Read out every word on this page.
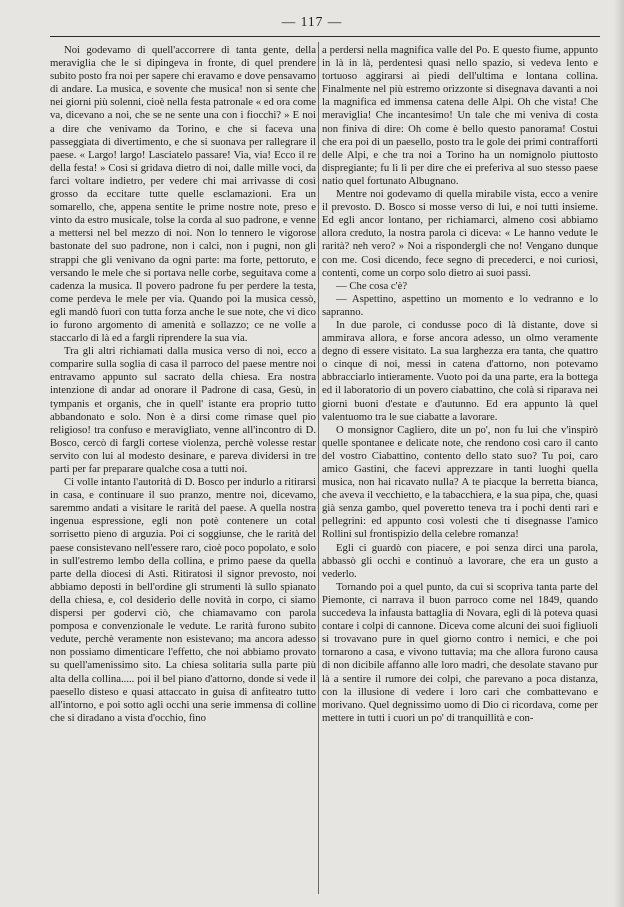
— 117 —

Noi godevamo di quell'accorrere di tanta gente, della meraviglia che le si dipingeva in fronte, di quel prendere subito posto fra noi per sapere chi eravamo e dove pensavamo di andare. La musica, e sovente che musica! non si sente che nei giorni più solenni, cioè nella festa patronale « ed ora come va, dicevano a noi, che se ne sente una con i fiocchi? » E noi a dire che venivamo da Torino, e che si faceva una passeggiata di divertimento, e che si suonava per rallegrare il paese. « Largo! largo! Lasciatelo passare! Via, via! Ecco il re della festa! » Così si gridava dietro di noi, dalle mille voci, da farci voltare indietro, per vedere chi mai arrivasse di così grosso da eccitare tutte quelle esclamazioni. Era un somarello, che, appena sentite le prime nostre note, preso e vinto da estro musicale, tolse la corda al suo padrone, e venne a mettersi nel bel mezzo di noi. Non lo tennero le vigorose bastonate del suo padrone, non i calci, non i pugni, non gli strappi che gli venivano da ogni parte: ma forte, pettoruto, e versando le mele che si portava nelle corbe, seguitava come a cadenza la musica. Il povero padrone fu per perdere la testa, come perdeva le mele per via. Quando poi la musica cessò, egli mandò fuori con tutta forza anche le sue note, che vi dico io furono argomento di amenità e sollazzo; ce ne volle a staccarlo di là ed a fargli riprendere la sua via.

Tra gli altri richiamati dalla musica verso di noi, ecco a comparire sulla soglia di casa il parroco del paese mentre noi entravamo appunto sul sacrato della chiesa. Era nostra intenzione di andar ad onorare il Padrone di casa, Gesù, in tympanis et organis, che in quell' istante era proprio tutto abbandonato e solo. Non è a dirsi come rimase quel pio religioso! tra confuso e meravigliato, venne all'incontro di D. Bosco, cercò di fargli cortese violenza, perchè volesse restar servito con lui al modesto desinare, e pareva dividersi in tre parti per far preparare qualche cosa a tutti noi.

Ci volle intanto l'autorità di D. Bosco per indurlo a ritirarsi in casa, e continuare il suo pranzo, mentre noi, dicevamo, saremmo andati a visitare le rarità del paese. A quella nostra ingenua espressione, egli non potè contenere un cotal sorrisetto pieno di arguzia. Poi ci soggiunse, che le rarità del paese consistevano nell'essere raro, cioè poco popolato, e solo in sull'estremo lembo della collina, e primo paese da quella parte della diocesi di Asti. Ritiratosi il signor prevosto, noi abbiamo deposti in bell'ordine gli strumenti là sullo spianato della chiesa, e, col desiderio delle novità in corpo, ci siamo dispersi per godervi ciò, che chiamavamo con parola pomposa e convenzionale le vedute. Le rarità furono subito vedute, perchè veramente non esistevano; ma ancora adesso non possiamo dimenticare l'effetto, che noi abbiamo provato su quell'amenissimo sito. La chiesa solitaria sulla parte più alta della collina..... poi il bel piano d'attorno, donde si vede il paesello disteso e quasi attaccato in guisa di anfiteatro tutto all'intorno, e poi sotto agli occhi una serie immensa di colline che si diradano a vista d'occhio, fino

a perdersi nella magnifica valle del Po. E questo fiume, appunto in là in là, perdentesi quasi nello spazio, si vedeva lento e tortuoso aggirarsi ai piedi dell'ultima e lontana collina. Finalmente nel più estremo orizzonte si disegnava davanti a noi la magnifica ed immensa catena delle Alpi. Oh che vista! Che meraviglia! Che incantesimo! Un tale che mi veniva di costa non finiva di dire: Oh come è bello questo panorama! Costui che era poi di un paesello, posto tra le gole dei primi contrafforti delle Alpi, e che tra noi a Torino ha un nomignolo piuttosto dispregiante; fu lì lì per dire che ei preferiva al suo stesso paese natio quel fortunato Albugnano.

Mentre noi godevamo di quella mirabile vista, ecco a venire il prevosto. D. Bosco si mosse verso di lui, e noi tutti insieme. Ed egli ancor lontano, per richiamarci, almeno così abbiamo allora creduto, la nostra parola ci diceva: « Le hanno vedute le rarità? neh vero? » Noi a rispondergli che no! Vengano dunque con me. Così dicendo, fece segno di precederci, e noi curiosi, contenti, come un corpo solo dietro ai suoi passi.

— Che cosa c'è?

— Aspettino, aspettino un momento e lo vedranno e lo sapranno.

In due parole, ci condusse poco di là distante, dove si ammirava allora, e forse ancora adesso, un olmo veramente degno di essere visitato. La sua larghezza era tanta, che quattro o cinque di noi, messi in catena d'attorno, non potevamo abbracciarlo intieramente. Vuoto poi da una parte, era la bottega ed il laboratorio di un povero ciabattino, che colà si riparava nei giorni buoni d'estate e d'autunno. Ed era appunto là quel valentuomo tra le sue ciabatte a lavorare.

O monsignor Cagliero, dite un po', non fu lui che v'inspirò quelle spontanee e delicate note, che rendono così caro il canto del vostro Ciabattino, contento dello stato suo? Tu poi, caro amico Gastini, che facevi apprezzare in tanti luoghi quella musica, non hai ricavato nulla? A te piacque la berretta bianca, che aveva il vecchietto, e la tabacchiera, e la sua pipa, che, quasi già senza gambo, quel poveretto teneva tra i pochi denti rari e pellegrini: ed appunto così volesti che ti disegnasse l'amico Rollini sul frontispizio della celebre romanza!

Egli ci guardò con piacere, e poi senza dirci una parola, abbassò gli occhi e continuò a lavorare, che era un gusto a vederlo.

Tornando poi a quel punto, da cui si scopriva tanta parte del Piemonte, ci narrava il buon parroco come nel 1849, quando succedeva la infausta battaglia di Novara, egli di là poteva quasi contare i colpi di cannone. Diceva come alcuni dei suoi figliuoli si trovavano pure in quel giorno contro i nemici, e che poi tornarono a casa, e vivono tuttavia; ma che allora furono causa di non dicibile affanno alle loro madri, che desolate stavano pur là a sentire il rumore dei colpi, che parevano a poca distanza, con la illusione di vedere i loro cari che combattevano e morivano. Quel degnissimo uomo di Dio ci ricordava, come per mettere in tutti i cuori un po' di tranquillità e con-
